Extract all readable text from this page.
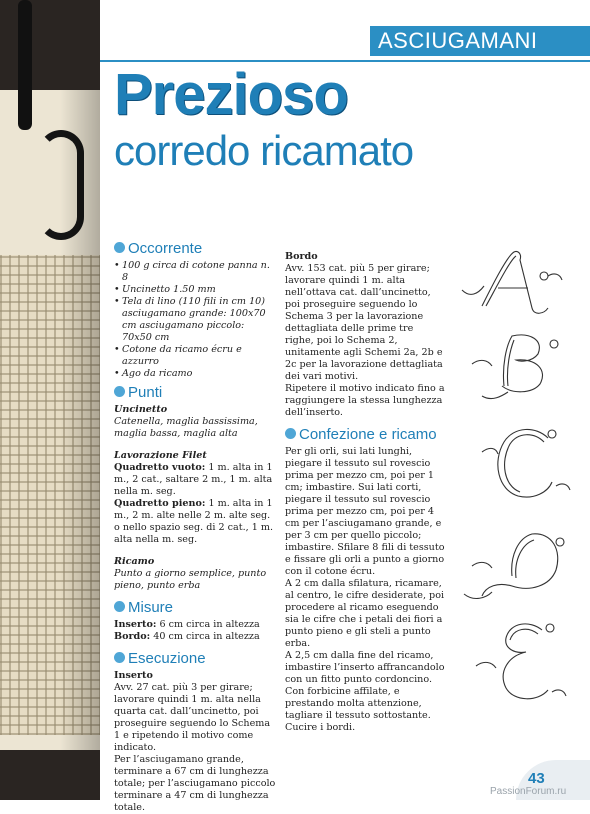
ASCIUGAMANI
Prezioso
corredo ricamato
Occorrente
• 100 g circa di cotone panna n. 8
• Uncinetto 1.50 mm
• Tela di lino (110 fili in cm 10) asciugamano grande: 100x70 cm asciugamano piccolo: 70x50 cm
• Cotone da ricamo écru e azzurro
• Ago da ricamo
Punti
Uncinetto

Catenella, maglia bassissima, maglia bassa, maglia alta

Lavorazione Filet

Quadretto vuoto: 1 m. alta in 1 m., 2 cat., saltare 2 m., 1 m. alta nella m. seg.

Quadretto pieno: 1 m. alta in 1 m., 2 m. alte nelle 2 m. alte seg. o nello spazio seg. di 2 cat., 1 m. alta nella m. seg.

Ricamo

Punto a giorno semplice, punto pieno, punto erba

Misure

Inserto: 6 cm circa in altezza

Bordo: 40 cm circa in altezza

Esecuzione
Inserto

Avv. 27 cat. più 3 per girare; lavorare quindi 1 m. alta nella quarta cat. dall’uncinetto, poi proseguire seguendo lo Schema 1 e ripetendo il motivo come indicato.

Per l’asciugamano grande, terminare a 67 cm di lunghezza totale; per l’asciugamano piccolo terminare a 47 cm di lunghezza totale.

Bordo

Avv. 153 cat. più 5 per girare; lavorare quindi 1 m. alta nell’ottava cat. dall’uncinetto, poi proseguire seguendo lo Schema 3 per la lavorazione dettagliata delle prime tre righe, poi lo Schema 2, unitamente agli Schemi 2a, 2b e 2c per la lavorazione dettagliata dei vari motivi.

Ripetere il motivo indicato fino a raggiungere la stessa lunghezza dell’inserto.

Confezione e ricamo

Per gli orli, sui lati lunghi, piegare il tessuto sul rovescio prima per mezzo cm, poi per 1 cm; imbastire. Sui lati corti, piegare il tessuto sul rovescio prima per mezzo cm, poi per 4 cm per l’asciugamano grande, e per 3 cm per quello piccolo; imbastire. Sfilare 8 fili di tessuto e fissare gli orli a punto a giorno con il cotone écru.

A 2 cm dalla sfilatura, ricamare, al centro, le cifre desiderate, poi procedere al ricamo eseguendo sia le cifre che i petali dei fiori a punto pieno e gli steli a punto erba.

A 2,5 cm dalla fine del ricamo, imbastire l’inserto affrancandolo con un fitto punto cordoncino. Con forbicine affilate, e prestando molta attenzione, tagliare il tessuto sottostante.

Cucire i bordi.

43
PassionForum.ru
